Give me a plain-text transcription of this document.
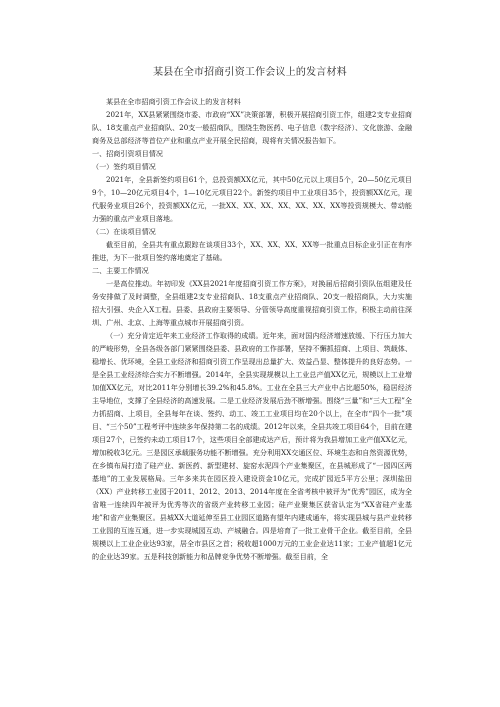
某县在全市招商引资工作会议上的发言材料

某县在全市招商引资工作会议上的发言材料

2021年，XX县紧紧围绕市委、市政府“XX”决策部署，积极开展招商引资工作，组建2支专业招商队、18支重点产业招商队、20支一般招商队，围绕生物医药、电子信息（数字经济）、文化旅游、金融商务及总部经济等首位产业和重点产业开展全民招商，现将有关情况报告如下。

一、招商引资项目情况

（一）签约项目情况

2021年，全县新签约项目61个，总投资额XX亿元，其中50亿元以上项目5个，20—50亿元项目9个，10—20亿元项目4个，1—10亿元项目22个。新签约项目中工业项目35个，投资额XX亿元，现代服务业项目26个，投资额XX亿元，一批XX、XX、XX、XX、XX、XX、XX等投资规模大、带动能力强的重点产业项目落地。

（二）在谈项目情况

截至目前，全县共有重点跟踪在谈项目33个，XX、XX、XX、XX等一批重点目标企业引正在有序推进，为下一批项目签约落地奠定了基础。

二、主要工作情况

一是高位推动。年初印发《XX县2021年度招商引资工作方案》，对换届后招商引资队伍组建及任务安排做了及时调整，全县组建2支专业招商队、18支重点产业招商队、20支一般招商队，大力实施招大引强、央企入X工程。县委、县政府主要领导、分管领导高度重视招商引资工作，积极主动前往深圳、广州、北京、上海等重点城市开展招商引资。

（一）充分肯定近年来工业经济工作取得的成绩。近年来，面对国内经济增速放缓、下行压力加大的严峻形势，全县各级各部门紧紧围绕县委、县政府的工作部署，坚持不懈抓招商、上项目、筑载体、稳增长、优环境，全县工业经济和招商引资工作呈现出总量扩大、效益凸显、整体提升的良好态势。一是全县工业经济综合实力不断增强。2014年，全县实现规模以上工业总产值XX亿元，规模以上工业增加值XX亿元，对比2011年分别增长39.2%和45.8%。工业在全县三大产业中占比超50%，稳居经济主导地位，支撑了全县经济的高速发展。二是工业经济发展后劲不断增强。围绕“三量”和“三大工程”全力抓招商、上项目，全县每年在谈、签约、动工、竣工工业项目均在20个以上，在全市“四个一批”项目、“三个50”工程考评中连续多年保持第二名的成绩。2012年以来，全县共竣工项目64个，目前在建项目27个，已签约未动工项目17个，这些项目全部建成达产后，预计将为我县增加工业产值XX亿元，增加税收3亿元。三是园区承载服务功能不断增强。充分利用XX交通区位、环境生态和自然资源优势，在乡镇布局打造了硅产业、新医药、新型建材、旋窑水泥四个产业集聚区，在县城形成了“一园四区两基地”的工业发展格局。三年多来共在园区投入建设资金10亿元，完成扩园近5平方公里；深圳盐田（XX）产业转移工业园于2011、2012、2013、2014年度在全省考核中被评为“优秀”园区，成为全省唯一连续四年被评为优秀等次的省级产业转移工业园；硅产业聚集区获省认定为“XX省硅产业基地”和省产业集聚区。县城XX大道延伸至县工业园区道路有望年内建成通车，将实现县城与县产业转移工业园的互连互通，进一步实现城园互动、产城融合。四是培育了一批工业骨干企业。截至目前，全县规模以上工业企业达93家，居全市县区之首；税收超1000万元的工业企业达11家；工业产值超1亿元的企业达39家。五是科技创新能力和品牌竞争优势不断增强。截至目前，全
